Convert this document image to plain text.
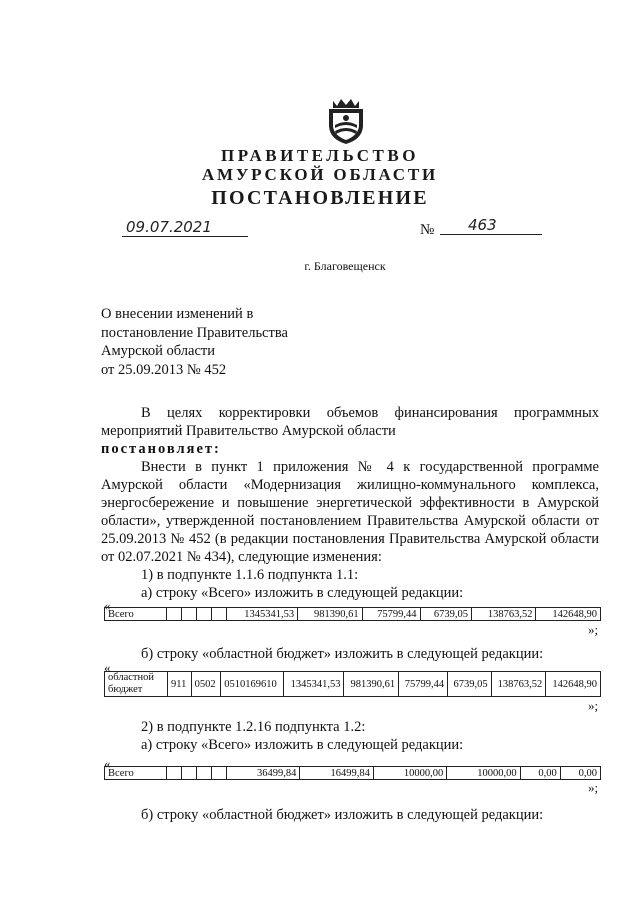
ПРАВИТЕЛЬСТВО
АМУРСКОЙ ОБЛАСТИ
ПОСТАНОВЛЕНИЕ
09.07.2021	№	463
г. Благовещенск
О внесении изменений в
постановление Правительства
Амурской области
от 25.09.2013 № 452
В целях корректировки объемов финансирования программных
мероприятий Правительство Амурской области
постановляет:
Внести в пункт 1 приложения № 4 к государственной программе
Амурской области «Модернизация жилищно-коммунального комплекса,
энергосбережение и повышение энергетической эффективности в Амурской
области», утвержденной постановлением Правительства Амурской области от
25.09.2013 № 452 (в редакции постановления Правительства Амурской области
от 02.07.2021 № 434), следующие изменения:
1) в подпункте 1.1.6 подпункта 1.1:
а) строку «Всего» изложить в следующей редакции:
«
Всего					1345341,53	981390,61	75799,44	6739,05	138763,52	142648,90
»;
б) строку «областной бюджет» изложить в следующей редакции:
«
областной
бюджет	911	0502	0510169610	1345341,53	981390,61	75799,44	6739,05	138763,52	142648,90
»;
2) в подпункте 1.2.16 подпункта 1.2:
а) строку «Всего» изложить в следующей редакции:
«
Всего					36499,84	16499,84	10000,00	10000,00	0,00	0,00
»;
б) строку «областной бюджет» изложить в следующей редакции:
